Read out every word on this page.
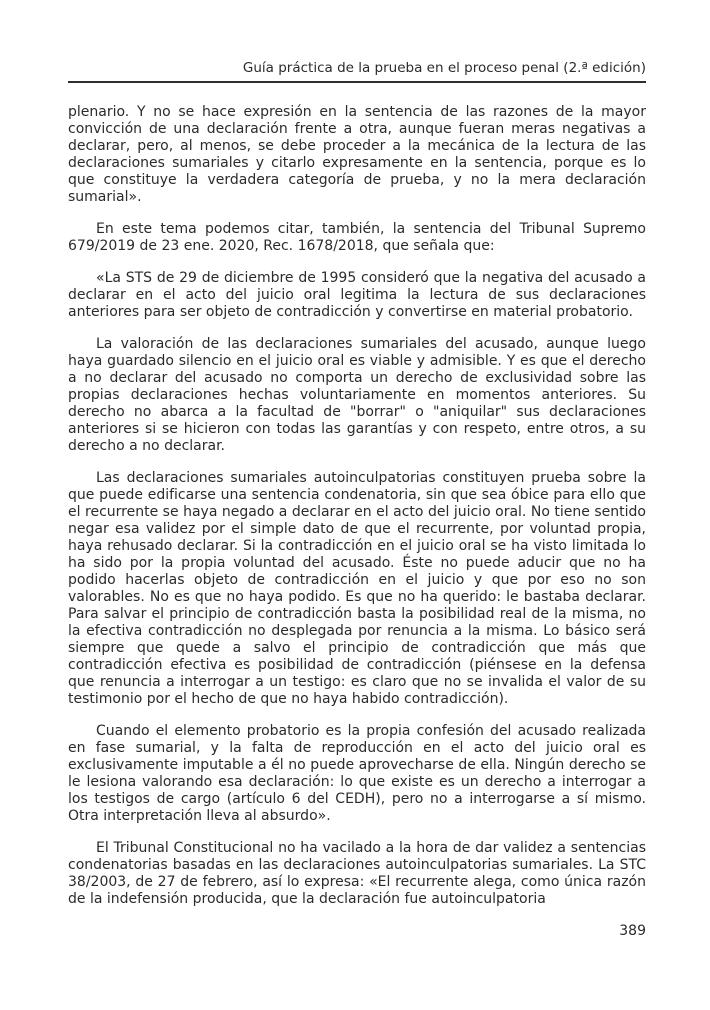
Guía práctica de la prueba en el proceso penal (2.ª edición)

plenario. Y no se hace expresión en la sentencia de las razones de la mayor convicción de una declaración frente a otra, aunque fueran meras negativas a declarar, pero, al menos, se debe proceder a la mecánica de la lectura de las declaraciones sumariales y citarlo expresamente en la sentencia, porque es lo que constituye la verdadera categoría de prueba, y no la mera declaración sumarial».

En este tema podemos citar, también, la sentencia del Tribunal Supremo 679/2019 de 23 ene. 2020, Rec. 1678/2018, que señala que:

«La STS de 29 de diciembre de 1995 consideró que la negativa del acusado a declarar en el acto del juicio oral legitima la lectura de sus declaraciones anteriores para ser objeto de contradicción y convertirse en material probatorio.

La valoración de las declaraciones sumariales del acusado, aunque luego haya guardado silencio en el juicio oral es viable y admisible. Y es que el derecho a no declarar del acusado no comporta un derecho de exclusividad sobre las propias declaraciones hechas voluntariamente en momentos anteriores. Su derecho no abarca a la facultad de "borrar" o "aniquilar" sus declaraciones anteriores si se hicieron con todas las garantías y con respeto, entre otros, a su derecho a no declarar.

Las declaraciones sumariales autoinculpatorias constituyen prueba sobre la que puede edificarse una sentencia condenatoria, sin que sea óbice para ello que el recurrente se haya negado a declarar en el acto del juicio oral. No tiene sentido negar esa validez por el simple dato de que el recurrente, por voluntad propia, haya rehusado declarar. Si la contradicción en el juicio oral se ha visto limitada lo ha sido por la propia voluntad del acusado. Éste no puede aducir que no ha podido hacerlas objeto de contradicción en el juicio y que por eso no son valorables. No es que no haya podido. Es que no ha querido: le bastaba declarar. Para salvar el principio de contradicción basta la posibilidad real de la misma, no la efectiva contradicción no desplegada por renuncia a la misma. Lo básico será siempre que quede a salvo el principio de contradicción que más que contradicción efectiva es posibilidad de contradicción (piénsese en la defensa que renuncia a interrogar a un testigo: es claro que no se invalida el valor de su testimonio por el hecho de que no haya habido contradicción).

Cuando el elemento probatorio es la propia confesión del acusado realizada en fase sumarial, y la falta de reproducción en el acto del juicio oral es exclusivamente imputable a él no puede aprovecharse de ella. Ningún derecho se le lesiona valorando esa declaración: lo que existe es un derecho a interrogar a los testigos de cargo (artículo 6 del CEDH), pero no a interrogarse a sí mismo. Otra interpretación lleva al absurdo».

El Tribunal Constitucional no ha vacilado a la hora de dar validez a sentencias condenatorias basadas en las declaraciones autoinculpatorias sumariales. La STC 38/2003, de 27 de febrero, así lo expresa: «El recurrente alega, como única razón de la indefensión producida, que la declaración fue autoinculpatoria

389
